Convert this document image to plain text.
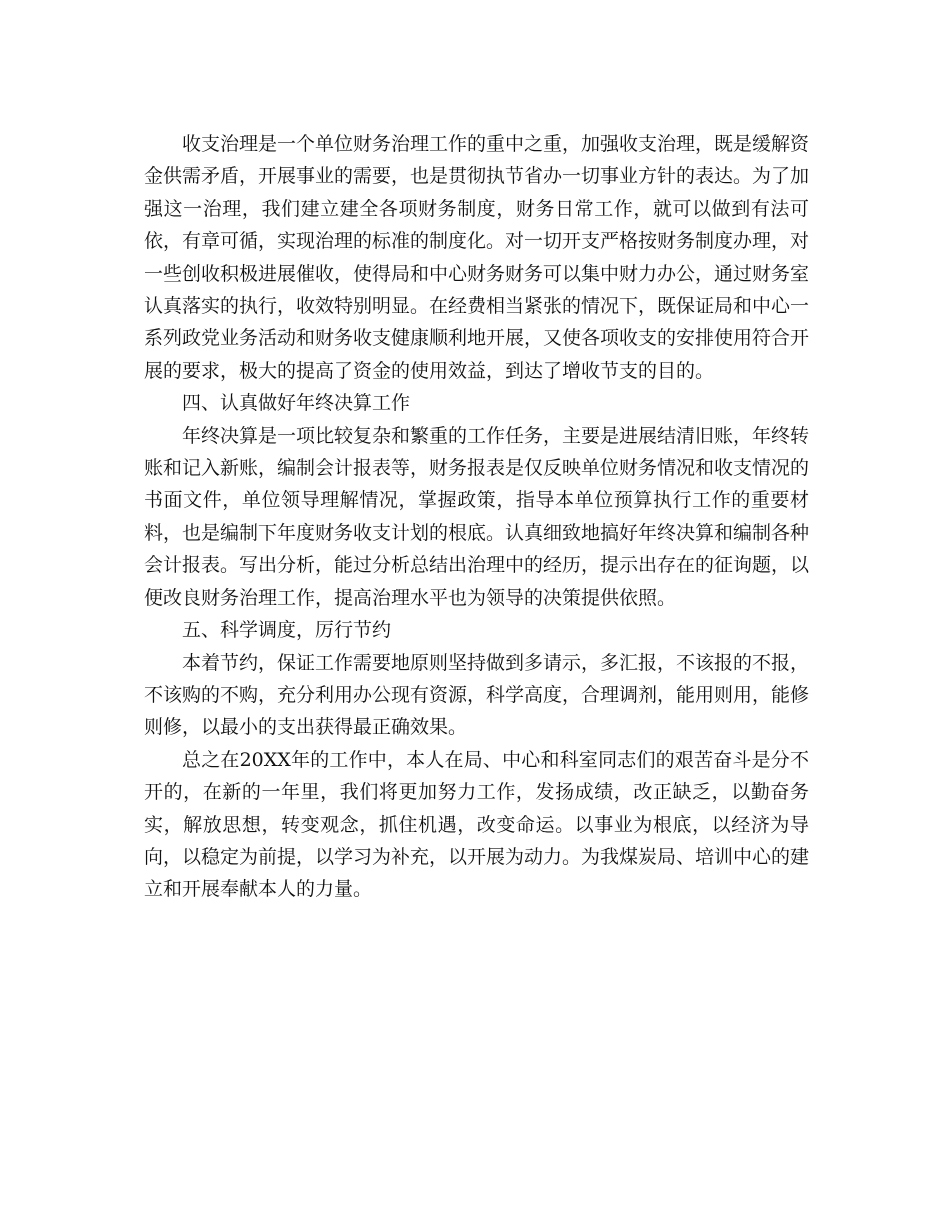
收支治理是一个单位财务治理工作的重中之重，加强收支治理，既是缓解资金供需矛盾，开展事业的需要，也是贯彻执节省办一切事业方针的表达。为了加强这一治理，我们建立建全各项财务制度，财务日常工作，就可以做到有法可依，有章可循，实现治理的标准的制度化。对一切开支严格按财务制度办理，对一些创收积极进展催收，使得局和中心财务财务可以集中财力办公，通过财务室认真落实的执行，收效特别明显。在经费相当紧张的情况下，既保证局和中心一系列政党业务活动和财务收支健康顺利地开展，又使各项收支的安排使用符合开展的要求，极大的提高了资金的使用效益，到达了增收节支的目的。

四、认真做好年终决算工作

年终决算是一项比较复杂和繁重的工作任务，主要是进展结清旧账，年终转账和记入新账，编制会计报表等，财务报表是仅反映单位财务情况和收支情况的书面文件，单位领导理解情况，掌握政策，指导本单位预算执行工作的重要材料，也是编制下年度财务收支计划的根底。认真细致地搞好年终决算和编制各种会计报表。写出分析，能过分析总结出治理中的经历，提示出存在的征询题，以便改良财务治理工作，提高治理水平也为领导的决策提供依照。

五、科学调度，厉行节约

本着节约，保证工作需要地原则坚持做到多请示，多汇报，不该报的不报，不该购的不购，充分利用办公现有资源，科学高度，合理调剂，能用则用，能修则修，以最小的支出获得最正确效果。

总之在20XX年的工作中，本人在局、中心和科室同志们的艰苦奋斗是分不开的，在新的一年里，我们将更加努力工作，发扬成绩，改正缺乏，以勤奋务实，解放思想，转变观念，抓住机遇，改变命运。以事业为根底，以经济为导向，以稳定为前提，以学习为补充，以开展为动力。为我煤炭局、培训中心的建立和开展奉献本人的力量。
